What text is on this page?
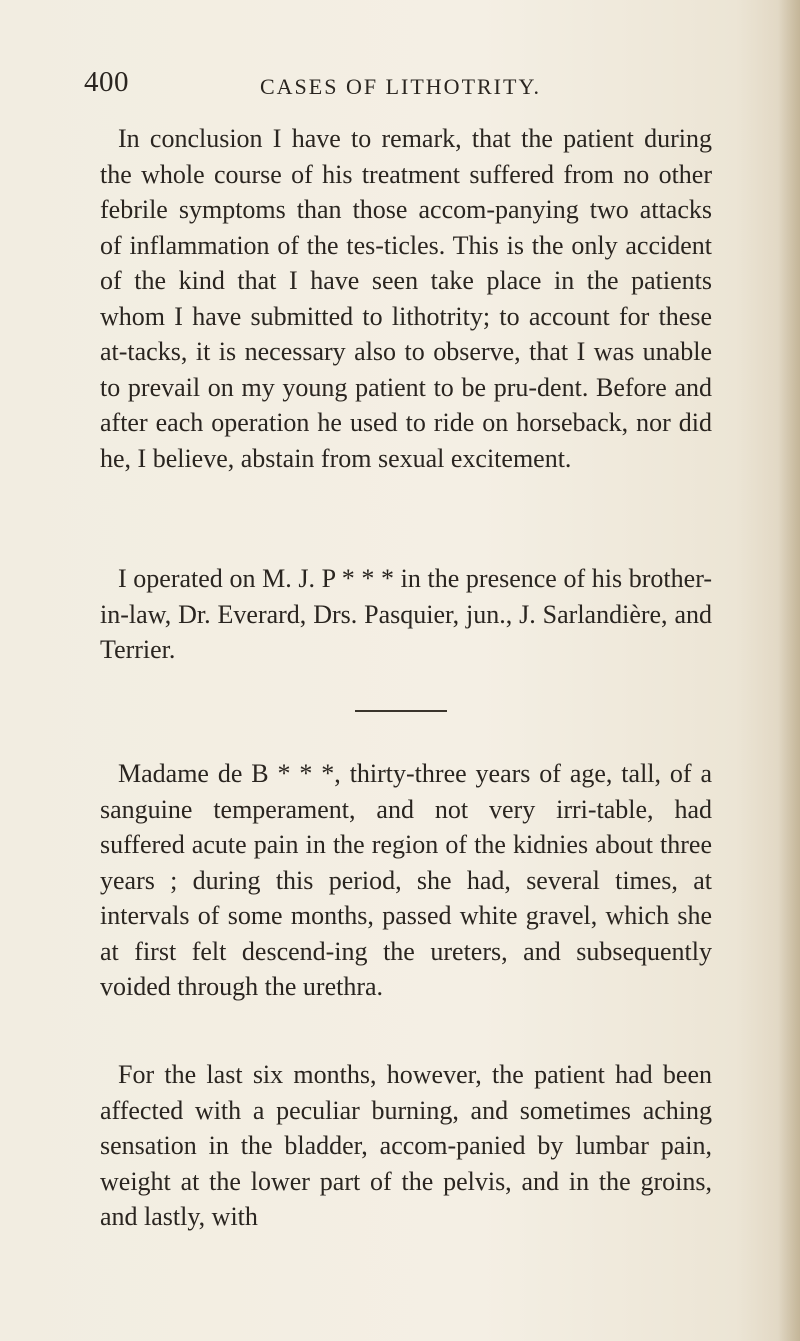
400	CASES OF LITHOTRITY.

In conclusion I have to remark, that the patient during the whole course of his treatment suffered from no other febrile symptoms than those accom-panying two attacks of inflammation of the tes-ticles. This is the only accident of the kind that I have seen take place in the patients whom I have submitted to lithotrity; to account for these at-tacks, it is necessary also to observe, that I was unable to prevail on my young patient to be pru-dent. Before and after each operation he used to ride on horseback, nor did he, I believe, abstain from sexual excitement.

I operated on M. J. P * * * in the presence of his brother-in-law, Dr. Everard, Drs. Pasquier, jun., J. Sarlandière, and Terrier.

Madame de B * * *, thirty-three years of age, tall, of a sanguine temperament, and not very irri-table, had suffered acute pain in the region of the kidnies about three years ; during this period, she had, several times, at intervals of some months, passed white gravel, which she at first felt descend-ing the ureters, and subsequently voided through the urethra.

For the last six months, however, the patient had been affected with a peculiar burning, and sometimes aching sensation in the bladder, accom-panied by lumbar pain, weight at the lower part of the pelvis, and in the groins, and lastly, with
